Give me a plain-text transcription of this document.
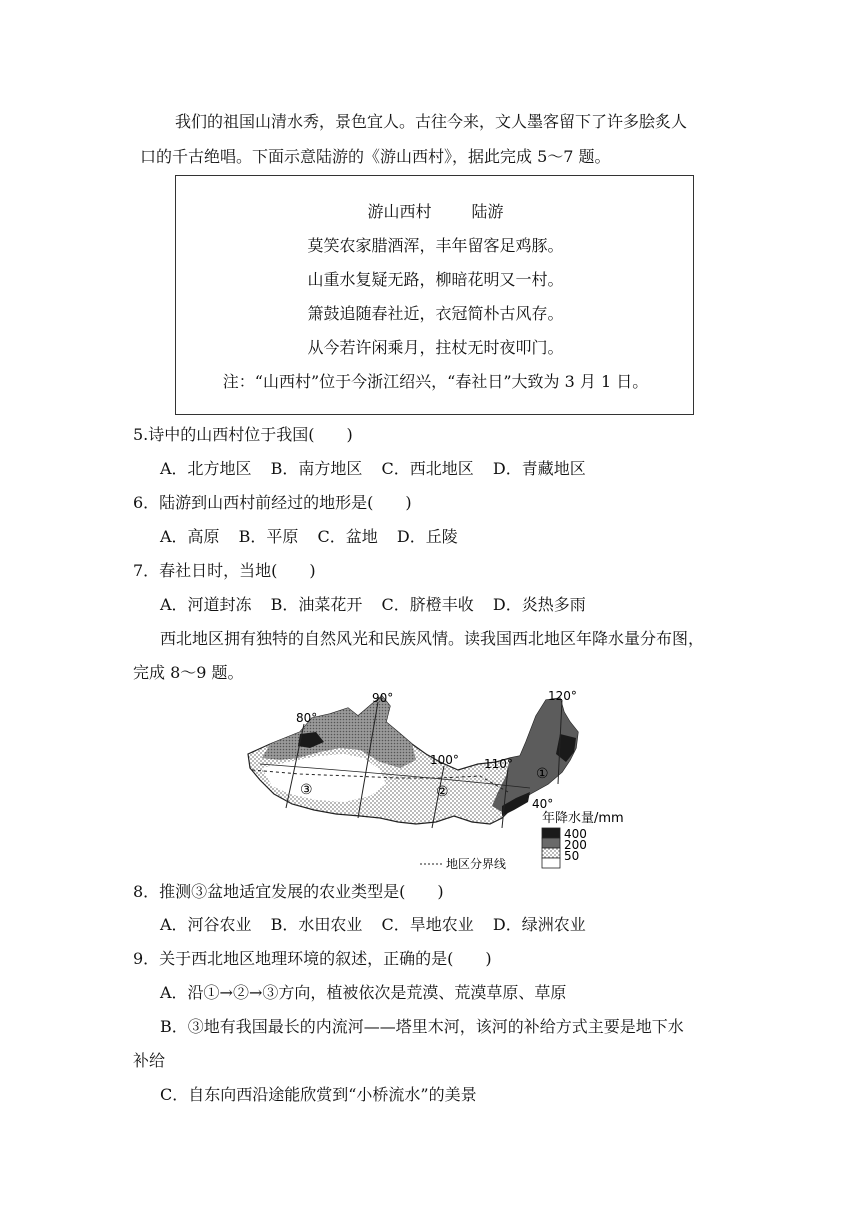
我们的祖国山清水秀，景色宜人。古往今来，文人墨客留下了许多脍炙人
口的千古绝唱。下面示意陆游的《游山西村》，据此完成 5～7 题。
游山西村	陆游
莫笑农家腊酒浑，丰年留客足鸡豚。
山重水复疑无路，柳暗花明又一村。
箫鼓追随春社近，衣冠简朴古风存。
从今若许闲乘月，拄杖无时夜叩门。
注：“山西村”位于今浙江绍兴，“春社日”大致为 3 月 1 日。
5.诗中的山西村位于我国(　　)
A．北方地区 B．南方地区 C．西北地区 D．青藏地区
6．陆游到山西村前经过的地形是(　　)
A．高原 B．平原 C．盆地 D．丘陵
7．春社日时，当地(　　)
A．河道封冻 B．油菜花开 C．脐橙丰收 D．炎热多雨
西北地区拥有独特的自然风光和民族风情。读我国西北地区年降水量分布图，
完成 8～9 题。
80°
90°
100° 110°
120°
40°
①
②
③
年降水量/mm
400
200
50
地区分界线
8．推测③盆地适宜发展的农业类型是(　　)
A．河谷农业 B．水田农业 C．旱地农业 D．绿洲农业
9．关于西北地区地理环境的叙述，正确的是(　　)
A．沿①→②→③方向，植被依次是荒漠、荒漠草原、草原
B．③地有我国最长的内流河——塔里木河，该河的补给方式主要是地下水
补给
C．自东向西沿途能欣赏到“小桥流水”的美景
